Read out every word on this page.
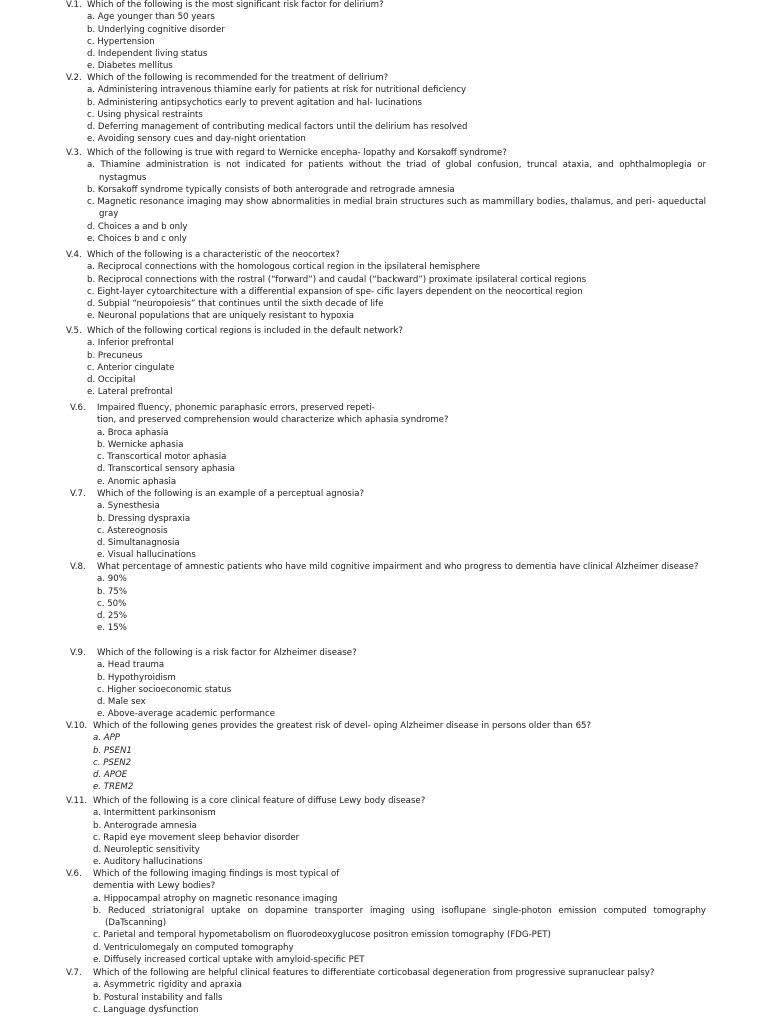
V.1. Which of the following is the most significant risk factor for delirium?
a. Age younger than 50 years
b. Underlying cognitive disorder
c. Hypertension
d. Independent living status
e. Diabetes mellitus
V.2. Which of the following is recommended for the treatment of delirium?
a. Administering intravenous thiamine early for patients at risk for nutritional deficiency
b. Administering antipsychotics early to prevent agitation and hal- lucinations
c. Using physical restraints
d. Deferring management of contributing medical factors until the delirium has resolved
e. Avoiding sensory cues and day-night orientation
V.3. Which of the following is true with regard to Wernicke encepha- lopathy and Korsakoff syndrome?
a. Thiamine administration is not indicated for patients without the triad of global confusion, truncal ataxia, and ophthalmoplegia or nystagmus
b. Korsakoff syndrome typically consists of both anterograde and retrograde amnesia
c. Magnetic resonance imaging may show abnormalities in medial brain structures such as mammillary bodies, thalamus, and peri- aqueductal gray
d. Choices a and b only
e. Choices b and c only
V.4. Which of the following is a characteristic of the neocortex?
a. Reciprocal connections with the homologous cortical region in the ipsilateral hemisphere
b. Reciprocal connections with the rostral (“forward”) and caudal (“backward”) proximate ipsilateral cortical regions
c. Eight-layer cytoarchitecture with a differential expansion of spe- cific layers dependent on the neocortical region
d. Subpial “neuropoiesis” that continues until the sixth decade of life
e. Neuronal populations that are uniquely resistant to hypoxia
V.5. Which of the following cortical regions is included in the default network?
a. Inferior prefrontal
b. Precuneus
c. Anterior cingulate
d. Occipital
e. Lateral prefrontal
V.6. Impaired fluency, phonemic paraphasic errors, preserved repeti-
tion, and preserved comprehension would characterize which aphasia syndrome?
a. Broca aphasia
b. Wernicke aphasia
c. Transcortical motor aphasia
d. Transcortical sensory aphasia
e. Anomic aphasia
V.7. Which of the following is an example of a perceptual agnosia?
a. Synesthesia
b. Dressing dyspraxia
c. Astereognosis
d. Simultanagnosia
e. Visual hallucinations
V.8. What percentage of amnestic patients who have mild cognitive impairment and who progress to dementia have clinical Alzheimer disease?
a. 90%
b. 75%
c. 50%
d. 25%
e. 15%
V.9. Which of the following is a risk factor for Alzheimer disease?
a. Head trauma
b. Hypothyroidism
c. Higher socioeconomic status
d. Male sex
e. Above-average academic performance
V.10. Which of the following genes provides the greatest risk of devel- oping Alzheimer disease in persons older than 65?
a. APP
b. PSEN1
c. PSEN2
d. APOE
e. TREM2
V.11. Which of the following is a core clinical feature of diffuse Lewy body disease?
a. Intermittent parkinsonism
b. Anterograde amnesia
c. Rapid eye movement sleep behavior disorder
d. Neuroleptic sensitivity
e. Auditory hallucinations
V.6. Which of the following imaging findings is most typical of
dementia with Lewy bodies?
a. Hippocampal atrophy on magnetic resonance imaging
b. Reduced striatonigral uptake on dopamine transporter imaging using isoflupane single-photon emission computed tomography (DaTscanning)
c. Parietal and temporal hypometabolism on fluorodeoxyglucose positron emission tomography (FDG-PET)
d. Ventriculomegaly on computed tomography
e. Diffusely increased cortical uptake with amyloid-specific PET
V.7. Which of the following are helpful clinical features to differentiate corticobasal degeneration from progressive supranuclear palsy?
a. Asymmetric rigidity and apraxia
b. Postural instability and falls
c. Language dysfunction
